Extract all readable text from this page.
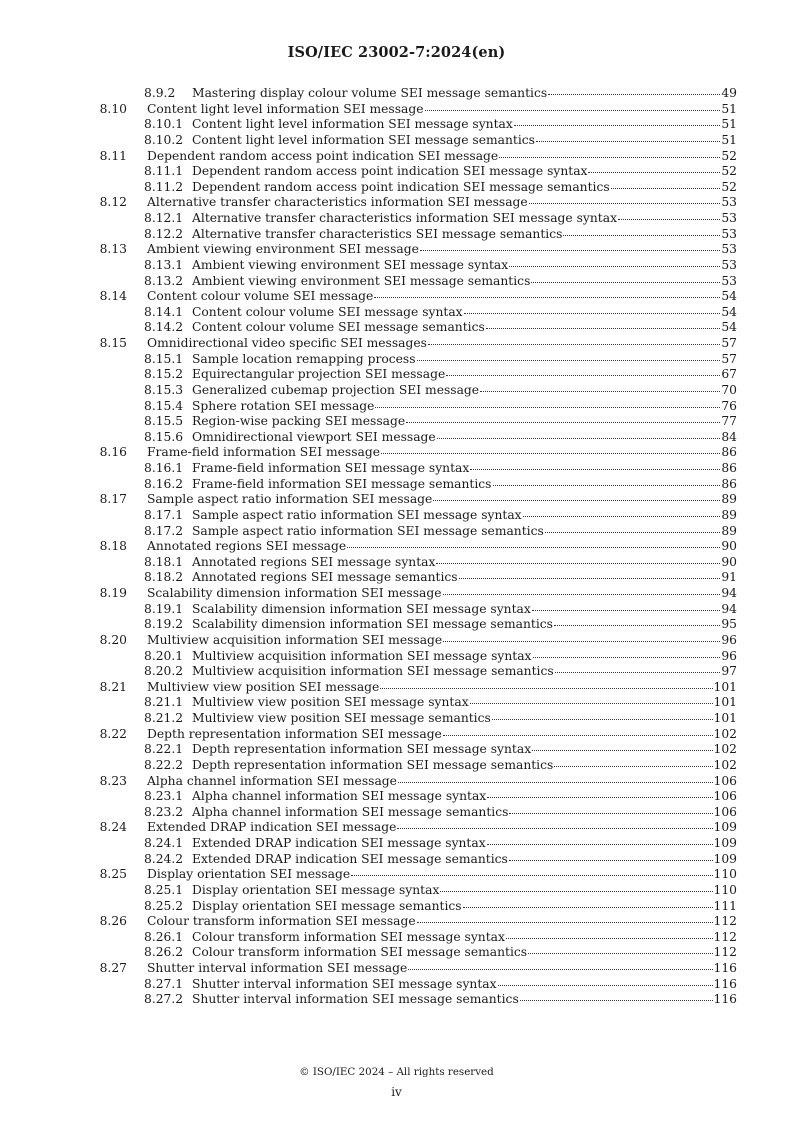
ISO/IEC 23002-7:2024(en)
8.9.2	Mastering display colour volume SEI message semantics	49
8.10 Content light level information SEI message	51
8.10.1 Content light level information SEI message syntax	51
8.10.2 Content light level information SEI message semantics	51
8.11 Dependent random access point indication SEI message	52
8.11.1 Dependent random access point indication SEI message syntax	52
8.11.2 Dependent random access point indication SEI message semantics	52
8.12 Alternative transfer characteristics information SEI message	53
8.12.1 Alternative transfer characteristics information SEI message syntax	53
8.12.2 Alternative transfer characteristics SEI message semantics	53
8.13 Ambient viewing environment SEI message	53
8.13.1 Ambient viewing environment SEI message syntax	53
8.13.2 Ambient viewing environment SEI message semantics	53
8.14 Content colour volume SEI message	54
8.14.1 Content colour volume SEI message syntax	54
8.14.2 Content colour volume SEI message semantics	54
8.15 Omnidirectional video specific SEI messages	57
8.15.1 Sample location remapping process	57
8.15.2 Equirectangular projection SEI message	67
8.15.3 Generalized cubemap projection SEI message	70
8.15.4 Sphere rotation SEI message	76
8.15.5 Region-wise packing SEI message	77
8.15.6 Omnidirectional viewport SEI message	84
8.16 Frame-field information SEI message	86
8.16.1 Frame-field information SEI message syntax	86
8.16.2 Frame-field information SEI message semantics	86
8.17 Sample aspect ratio information SEI message	89
8.17.1 Sample aspect ratio information SEI message syntax	89
8.17.2 Sample aspect ratio information SEI message semantics	89
8.18 Annotated regions SEI message	90
8.18.1 Annotated regions SEI message syntax	90
8.18.2 Annotated regions SEI message semantics	91
8.19 Scalability dimension information SEI message	94
8.19.1 Scalability dimension information SEI message syntax	94
8.19.2 Scalability dimension information SEI message semantics	95
8.20 Multiview acquisition information SEI message	96
8.20.1 Multiview acquisition information SEI message syntax	96
8.20.2 Multiview acquisition information SEI message semantics	97
8.21 Multiview view position SEI message	101
8.21.1 Multiview view position SEI message syntax	101
8.21.2 Multiview view position SEI message semantics	101
8.22 Depth representation information SEI message	102
8.22.1 Depth representation information SEI message syntax	102
8.22.2 Depth representation information SEI message semantics	102
8.23 Alpha channel information SEI message	106
8.23.1 Alpha channel information SEI message syntax	106
8.23.2 Alpha channel information SEI message semantics	106
8.24 Extended DRAP indication SEI message	109
8.24.1 Extended DRAP indication SEI message syntax	109
8.24.2 Extended DRAP indication SEI message semantics	109
8.25 Display orientation SEI message	110
8.25.1 Display orientation SEI message syntax	110
8.25.2 Display orientation SEI message semantics	111
8.26 Colour transform information SEI message	112
8.26.1 Colour transform information SEI message syntax	112
8.26.2 Colour transform information SEI message semantics	112
8.27 Shutter interval information SEI message	116
8.27.1 Shutter interval information SEI message syntax	116
8.27.2 Shutter interval information SEI message semantics	116
© ISO/IEC 2024 – All rights reserved
iv
